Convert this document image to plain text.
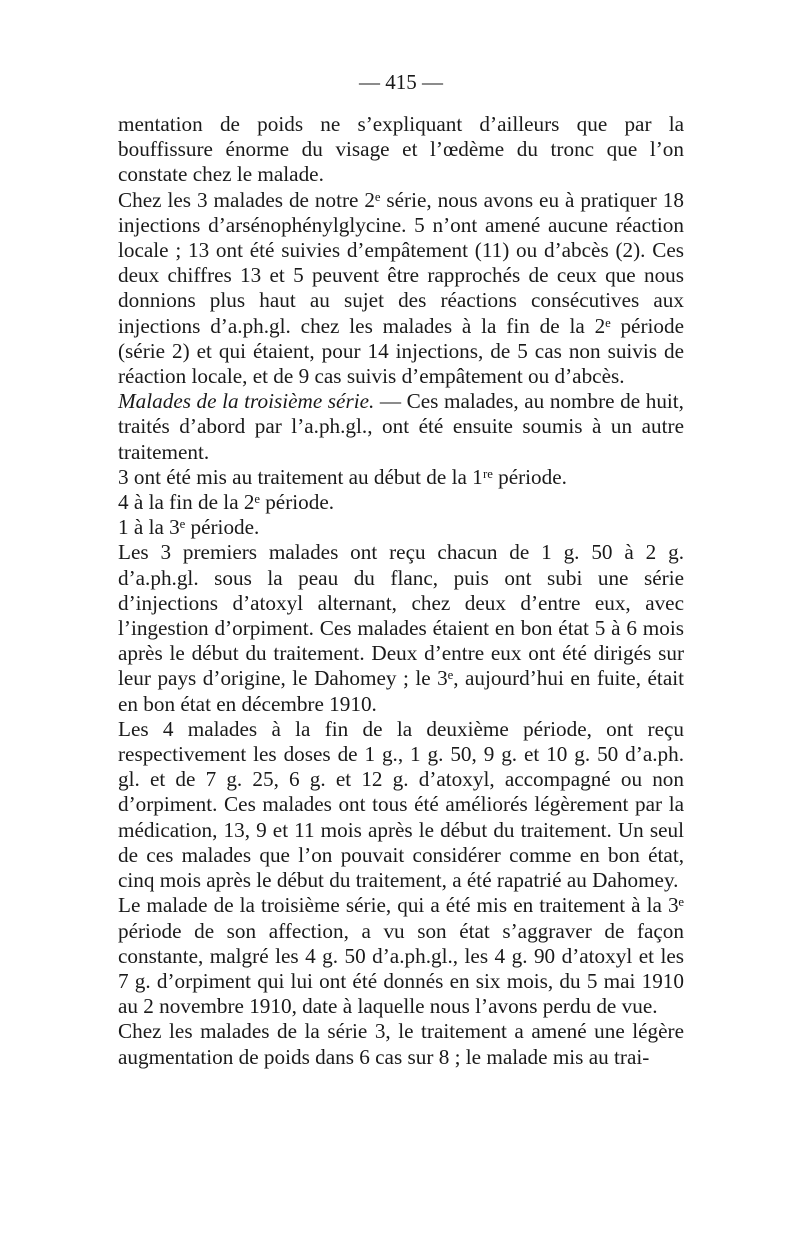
— 415 —

mentation de poids ne s’expliquant d’ailleurs que par la bouffissure énorme du visage et l’œdème du tronc que l’on constate chez le malade.

Chez les 3 malades de notre 2ᵉ série, nous avons eu à pratiquer 18 injections d’arsénophénylglycine. 5 n’ont amené aucune réaction locale ; 13 ont été suivies d’empâtement (11) ou d’abcès (2). Ces deux chiffres 13 et 5 peuvent être rapprochés de ceux que nous donnions plus haut au sujet des réactions consécutives aux injections d’a.ph.gl. chez les malades à la fin de la 2ᵉ période (série 2) et qui étaient, pour 14 injections, de 5 cas non suivis de réaction locale, et de 9 cas suivis d’empâtement ou d’abcès.

Malades de la troisième série. — Ces malades, au nombre de huit, traités d’abord par l’a.ph.gl., ont été ensuite soumis à un autre traitement.

3 ont été mis au traitement au début de la 1ʳᵉ période.

4 à la fin de la 2ᵉ période.

1 à la 3ᵉ période.

Les 3 premiers malades ont reçu chacun de 1 g. 50 à 2 g. d’a.ph.gl. sous la peau du flanc, puis ont subi une série d’injections d’atoxyl alternant, chez deux d’entre eux, avec l’ingestion d’orpiment. Ces malades étaient en bon état 5 à 6 mois après le début du traitement. Deux d’entre eux ont été dirigés sur leur pays d’origine, le Dahomey ; le 3ᵉ, aujourd’hui en fuite, était en bon état en décembre 1910.

Les 4 malades à la fin de la deuxième période, ont reçu respectivement les doses de 1 g., 1 g. 50, 9 g. et 10 g. 50 d’a.ph. gl. et de 7 g. 25, 6 g. et 12 g. d’atoxyl, accompagné ou non d’orpiment. Ces malades ont tous été améliorés légèrement par la médication, 13, 9 et 11 mois après le début du traitement. Un seul de ces malades que l’on pouvait considérer comme en bon état, cinq mois après le début du traitement, a été rapatrié au Dahomey.

Le malade de la troisième série, qui a été mis en traitement à la 3ᵉ période de son affection, a vu son état s’aggraver de façon constante, malgré les 4 g. 50 d’a.ph.gl., les 4 g. 90 d’atoxyl et les 7 g. d’orpiment qui lui ont été donnés en six mois, du 5 mai 1910 au 2 novembre 1910, date à laquelle nous l’avons perdu de vue.

Chez les malades de la série 3, le traitement a amené une légère augmentation de poids dans 6 cas sur 8 ; le malade mis au trai-
